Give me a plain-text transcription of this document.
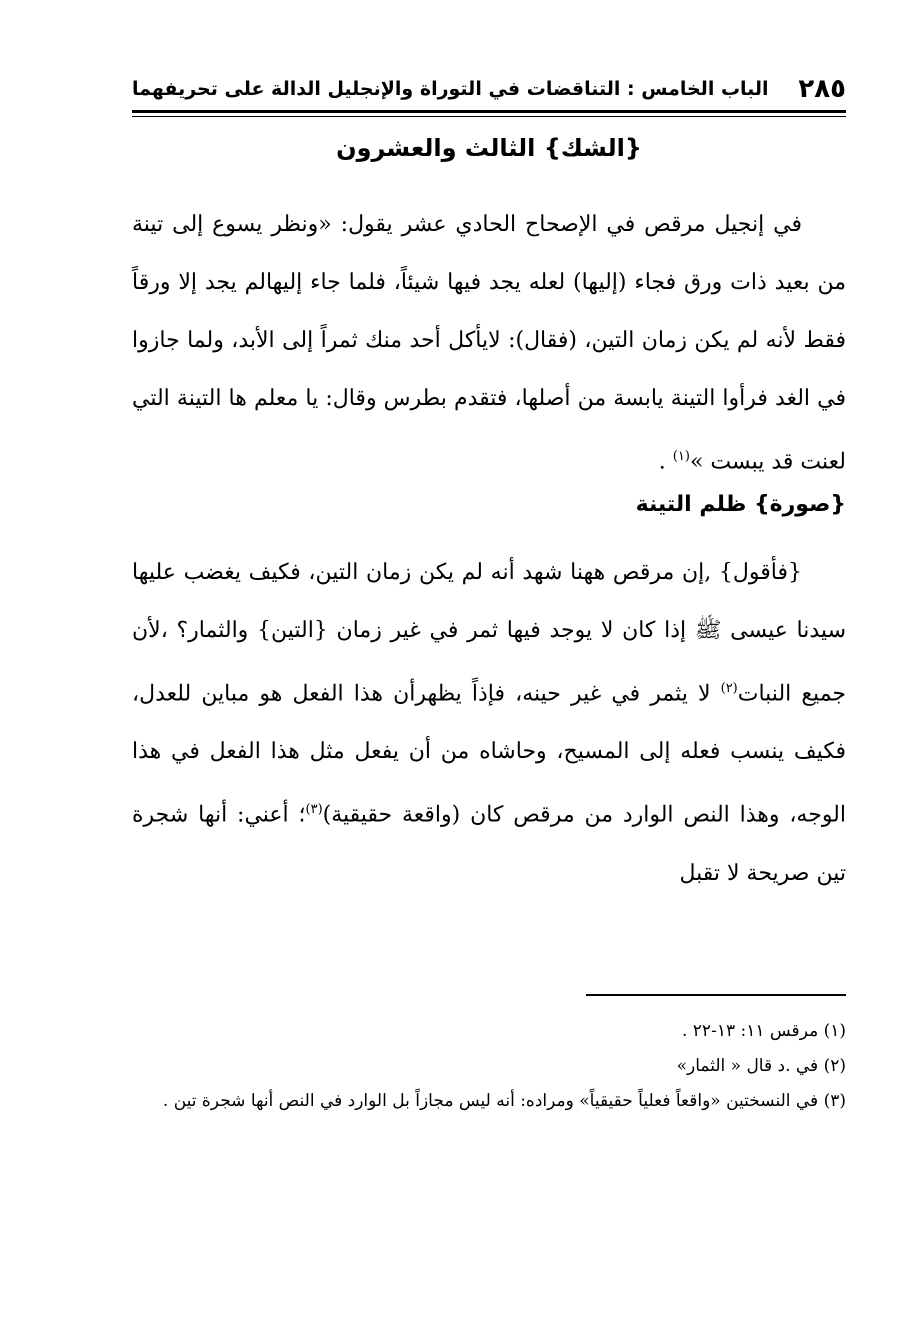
٢٨٥
الباب الخامس : التناقضات في التوراة والإنجليل الدالة على تحريفهما
{الشك} الثالث والعشرون

في إنجيل مرقص في الإصحاح الحادي عشر يقول: «ونظر يسوع إلى تينة من بعيد ذات ورق فجاء (إليها) لعله يجد فيها شيئاً، فلما جاء إليهالم يجد إلا ورقاً فقط لأنه لم يكن زمان التين، (فقال): لايأكل أحد منك ثمراً إلى الأبد، ولما جازوا في الغد فرأوا التينة يابسة من أصلها، فتقدم بطرس وقال: يا معلم ها التينة التي لعنت قد يبست »$^{(١)}$ .

{صورة} ظلم التينة

{فأقول} ,إن مرقص ههنا شهد أنه لم يكن زمان التين، فكيف يغضب عليها سيدنا عيسى ﷺ إذا كان لا يوجد فيها ثمر في غير زمان {التين} والثمار؟ ،لأن جميع النبات$^{(٢)}$ لا يثمر في غير حينه، فإذاً يظهرأن هذا الفعل هو مباين للعدل، فكيف ينسب فعله إلى المسيح، وحاشاه من أن يفعل مثل هذا الفعل في هذا الوجه، وهذا النص الوارد من مرقص كان (واقعة حقيقية)$^{(٣)}$؛ أعني: أنها شجرة تين صريحة لا تقبل

(١) مرقس ١١: ١٣-٢٢ .
(٢) في .د قال « الثمار»
(٣) في النسختين «واقعاً فعلياً حقيقياً» ومراده: أنه ليس مجازاً بل الوارد في النص أنها شجرة تين .
